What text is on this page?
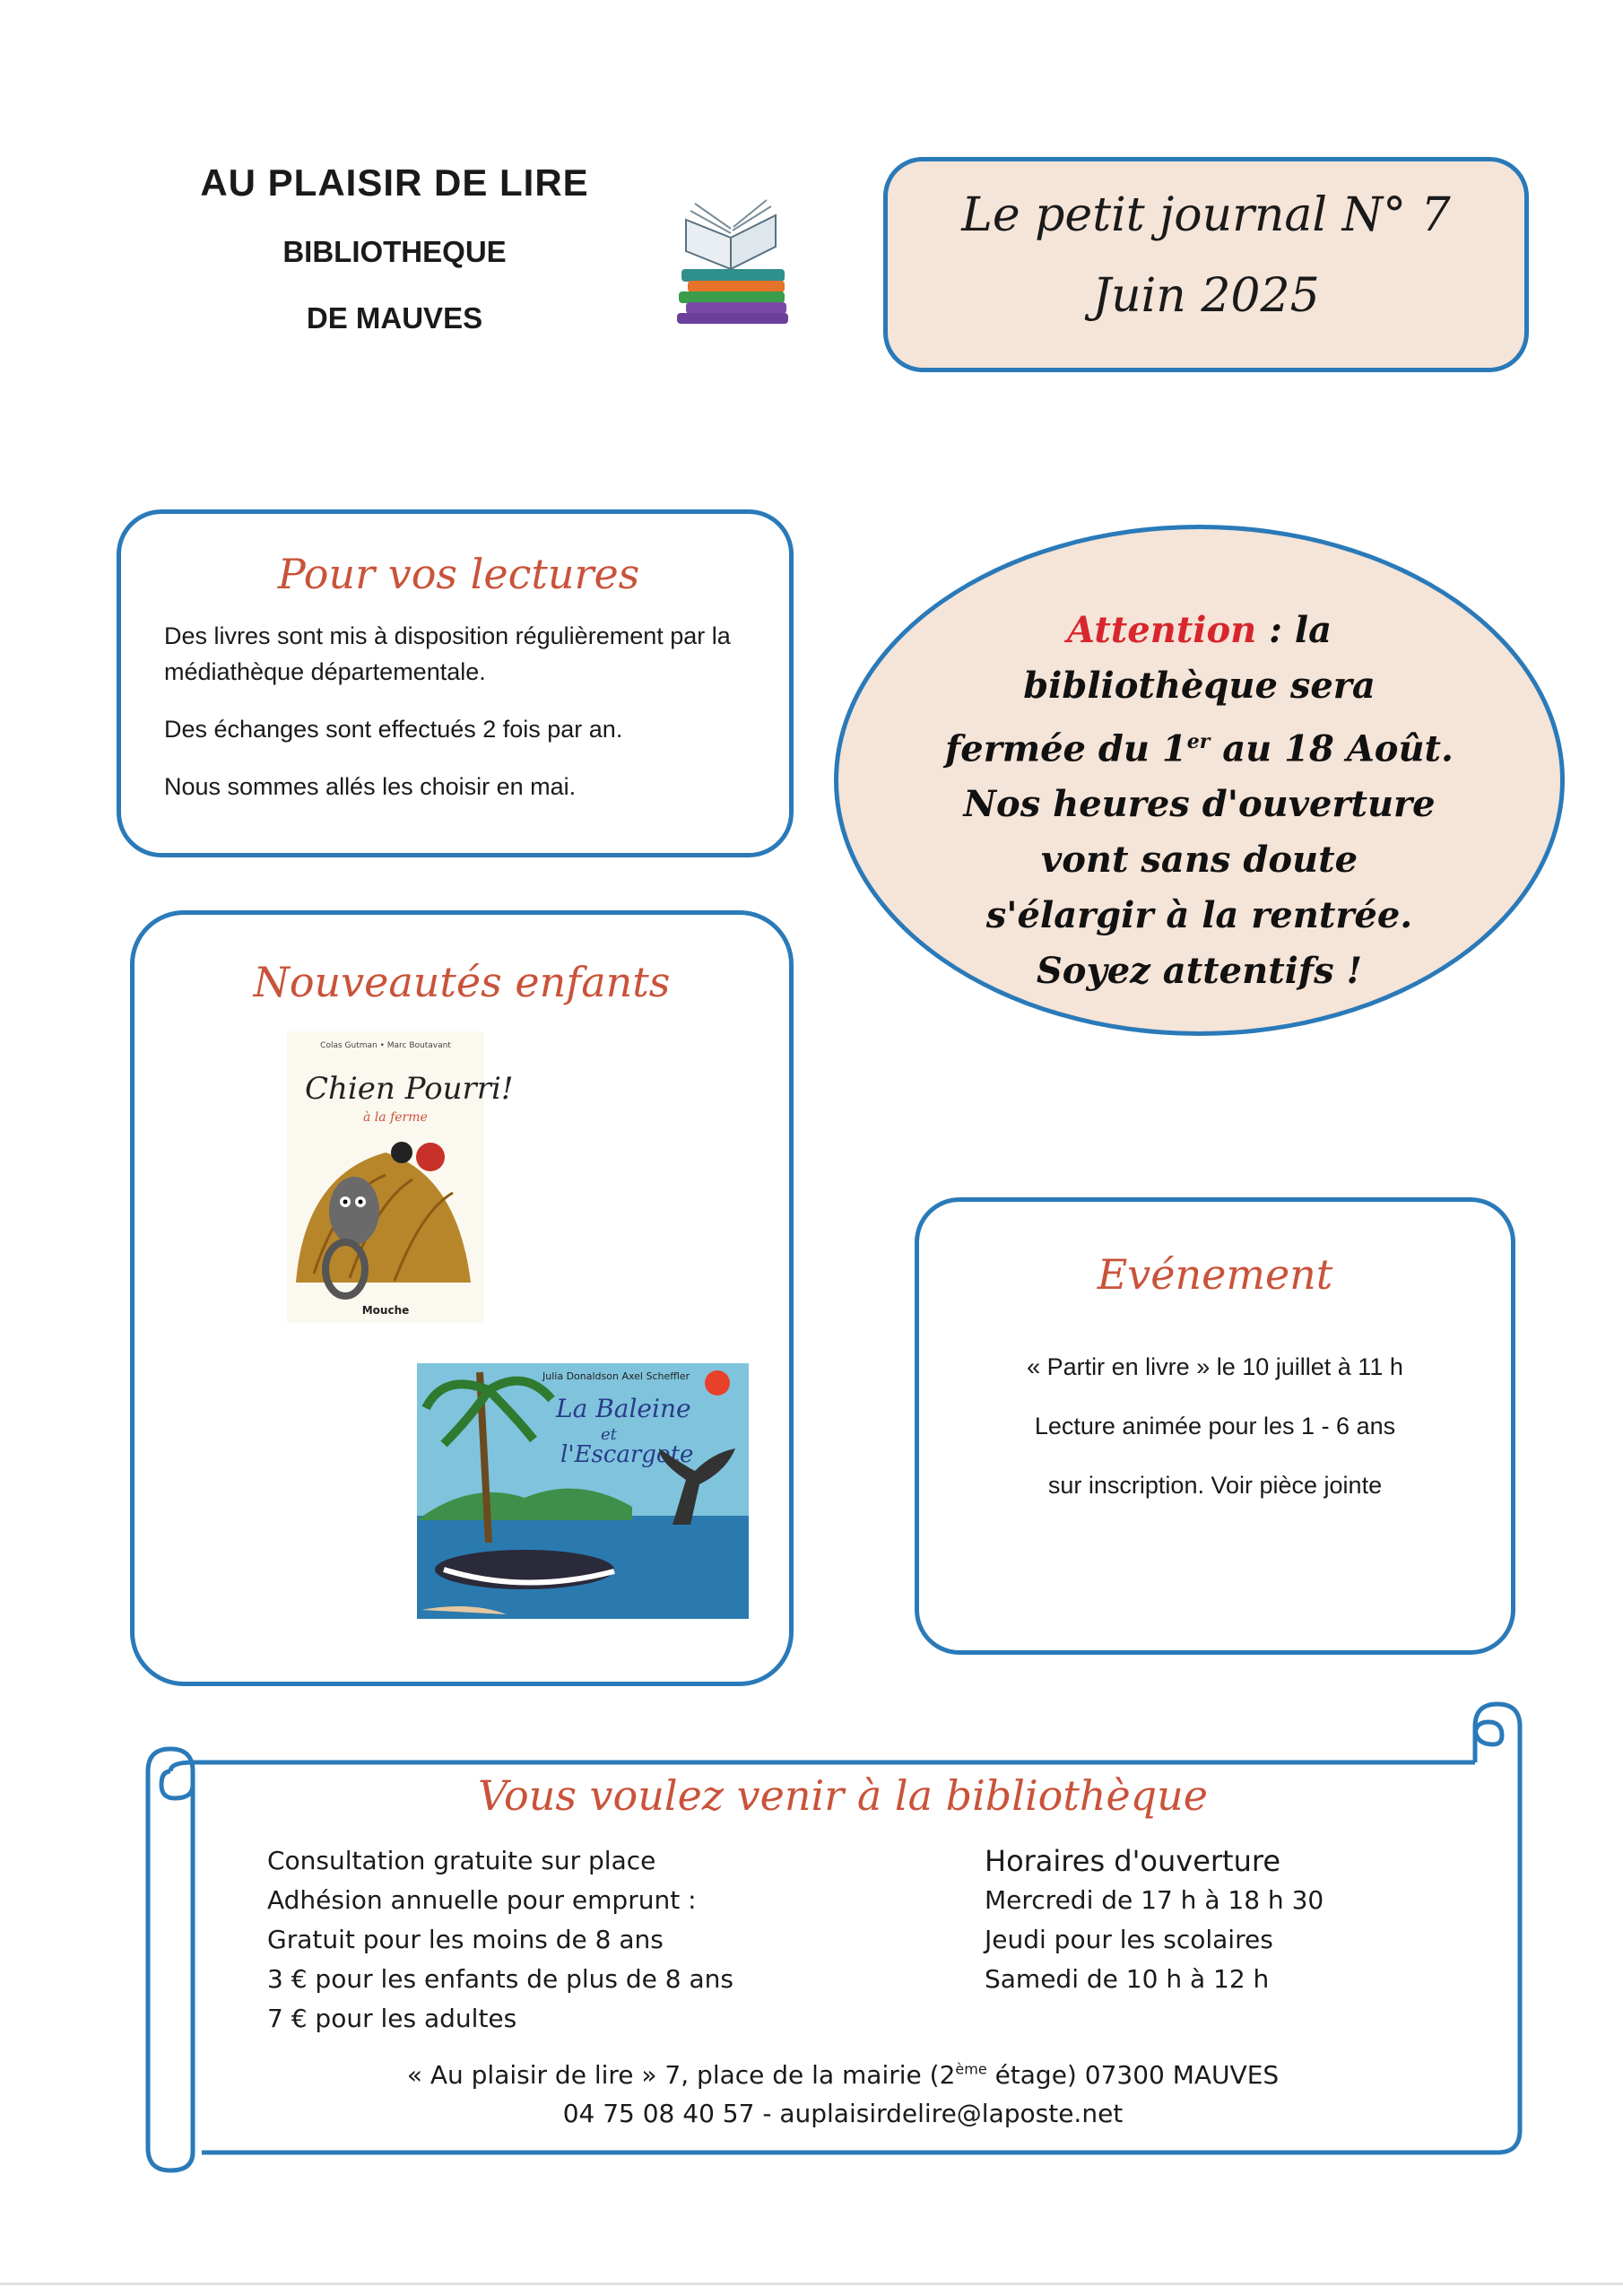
AU PLAISIR DE LIRE
BIBLIOTHEQUE
DE MAUVES
Le petit journal N° 7
Juin 2025
Pour vos lectures

Des livres sont mis à disposition régulièrement par la médiathèque départementale.

Des échanges sont effectués 2 fois par an.

Nous sommes allés les choisir en mai.

Attention : la
bibliothèque sera
fermée du 1er au 18 Août.
Nos heures d'ouverture
vont sans doute
s'élargir à la rentrée.
Soyez attentifs !
Nouveautés enfants
Colas Gutman • Marc Boutavant
Chien Pourri!
à la ferme
Mouche
Julia Donaldson Axel Scheffler
La Baleine
et
l'Escargote
Evénement

« Partir en livre » le 10 juillet à 11 h

Lecture animée pour les 1 - 6 ans

sur inscription. Voir pièce jointe

Vous voulez venir à la bibliothèque
Consultation gratuite sur place
Adhésion annuelle pour emprunt :
Gratuit pour les moins de 8 ans
3 € pour les enfants de plus de 8 ans
7 € pour les adultes
Horaires d'ouverture
Mercredi de 17 h à 18 h 30
Jeudi pour les scolaires
Samedi de 10 h à 12 h
« Au plaisir de lire » 7, place de la mairie (2ème étage) 07300 MAUVES
04 75 08 40 57 - auplaisirdelire@laposte.net
